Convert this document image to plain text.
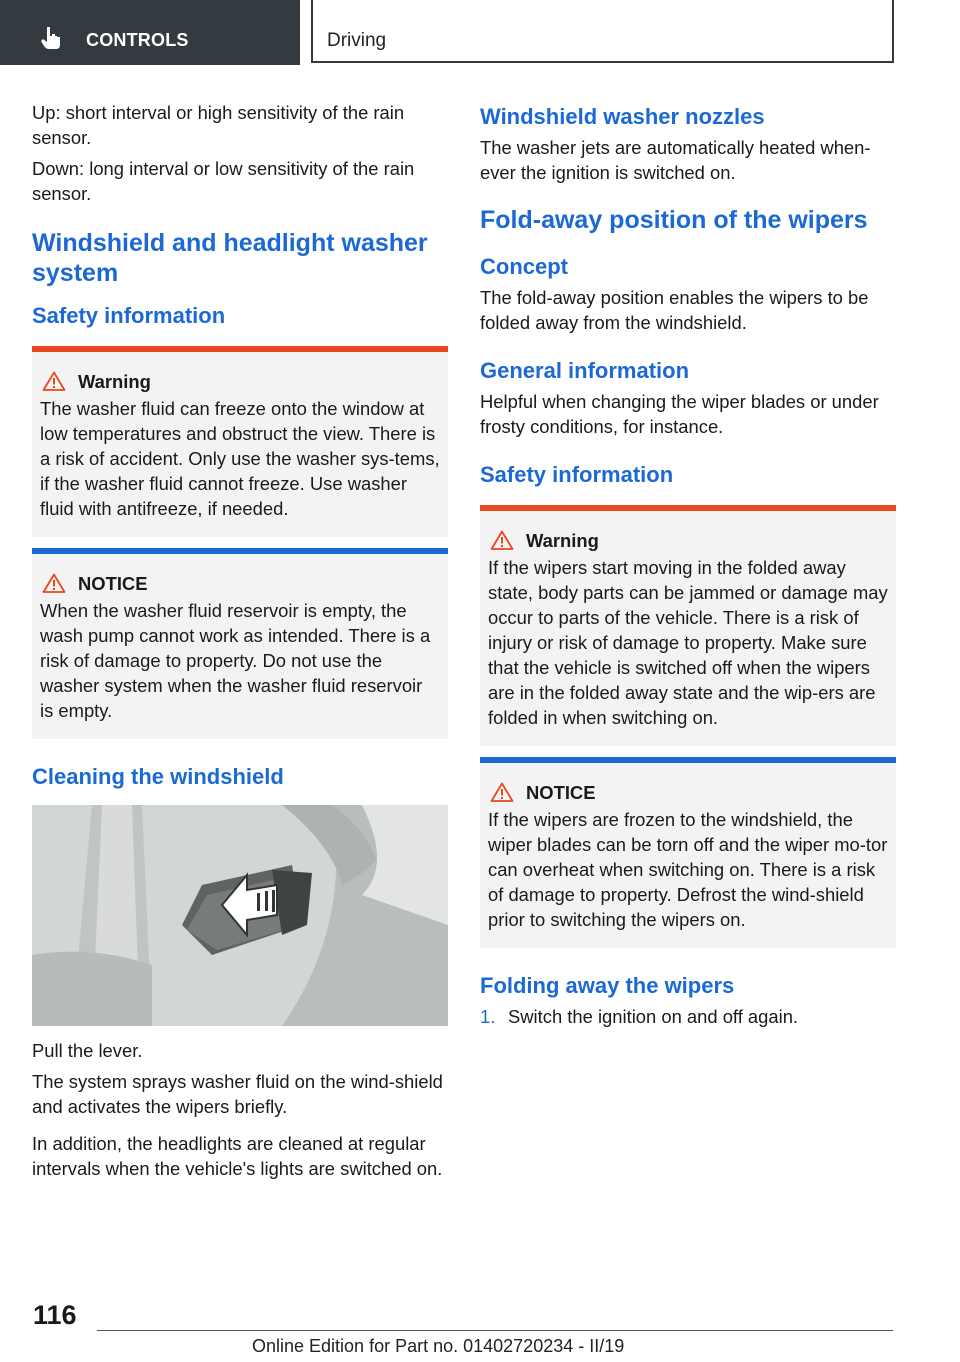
CONTROLS	Driving

Up: short interval or high sensitivity of the rain sensor.

Down: long interval or low sensitivity of the rain sensor.

Windshield and headlight washer system
Safety information
Warning

The washer fluid can freeze onto the window at low temperatures and obstruct the view. There is a risk of accident. Only use the washer sys-tems, if the washer fluid cannot freeze. Use washer fluid with antifreeze, if needed.

NOTICE

When the washer fluid reservoir is empty, the wash pump cannot work as intended. There is a risk of damage to property. Do not use the washer system when the washer fluid reservoir is empty.

Cleaning the windshield

Pull the lever.

The system sprays washer fluid on the wind-shield and activates the wipers briefly.

In addition, the headlights are cleaned at regular intervals when the vehicle's lights are switched on.

Windshield washer nozzles

The washer jets are automatically heated when-ever the ignition is switched on.

Fold-away position of the wipers
Concept

The fold-away position enables the wipers to be folded away from the windshield.

General information

Helpful when changing the wiper blades or under frosty conditions, for instance.

Safety information
Warning

If the wipers start moving in the folded away state, body parts can be jammed or damage may occur to parts of the vehicle. There is a risk of injury or risk of damage to property. Make sure that the vehicle is switched off when the wipers are in the folded away state and the wip-ers are folded in when switching on.

NOTICE

If the wipers are frozen to the windshield, the wiper blades can be torn off and the wiper mo-tor can overheat when switching on. There is a risk of damage to property. Defrost the wind-shield prior to switching the wipers on.

Folding away the wipers
1. Switch the ignition on and off again.
116
Online Edition for Part no. 01402720234 - II/19
